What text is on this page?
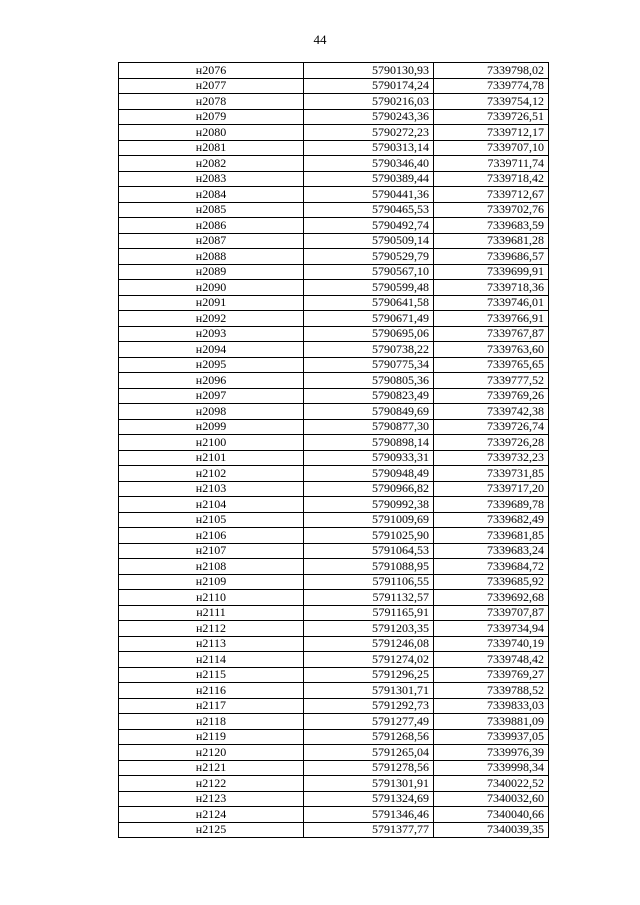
44
н2076	5790130,93	7339798,02
н2077	5790174,24	7339774,78
н2078	5790216,03	7339754,12
н2079	5790243,36	7339726,51
н2080	5790272,23	7339712,17
н2081	5790313,14	7339707,10
н2082	5790346,40	7339711,74
н2083	5790389,44	7339718,42
н2084	5790441,36	7339712,67
н2085	5790465,53	7339702,76
н2086	5790492,74	7339683,59
н2087	5790509,14	7339681,28
н2088	5790529,79	7339686,57
н2089	5790567,10	7339699,91
н2090	5790599,48	7339718,36
н2091	5790641,58	7339746,01
н2092	5790671,49	7339766,91
н2093	5790695,06	7339767,87
н2094	5790738,22	7339763,60
н2095	5790775,34	7339765,65
н2096	5790805,36	7339777,52
н2097	5790823,49	7339769,26
н2098	5790849,69	7339742,38
н2099	5790877,30	7339726,74
н2100	5790898,14	7339726,28
н2101	5790933,31	7339732,23
н2102	5790948,49	7339731,85
н2103	5790966,82	7339717,20
н2104	5790992,38	7339689,78
н2105	5791009,69	7339682,49
н2106	5791025,90	7339681,85
н2107	5791064,53	7339683,24
н2108	5791088,95	7339684,72
н2109	5791106,55	7339685,92
н2110	5791132,57	7339692,68
н2111	5791165,91	7339707,87
н2112	5791203,35	7339734,94
н2113	5791246,08	7339740,19
н2114	5791274,02	7339748,42
н2115	5791296,25	7339769,27
н2116	5791301,71	7339788,52
н2117	5791292,73	7339833,03
н2118	5791277,49	7339881,09
н2119	5791268,56	7339937,05
н2120	5791265,04	7339976,39
н2121	5791278,56	7339998,34
н2122	5791301,91	7340022,52
н2123	5791324,69	7340032,60
н2124	5791346,46	7340040,66
н2125	5791377,77	7340039,35
